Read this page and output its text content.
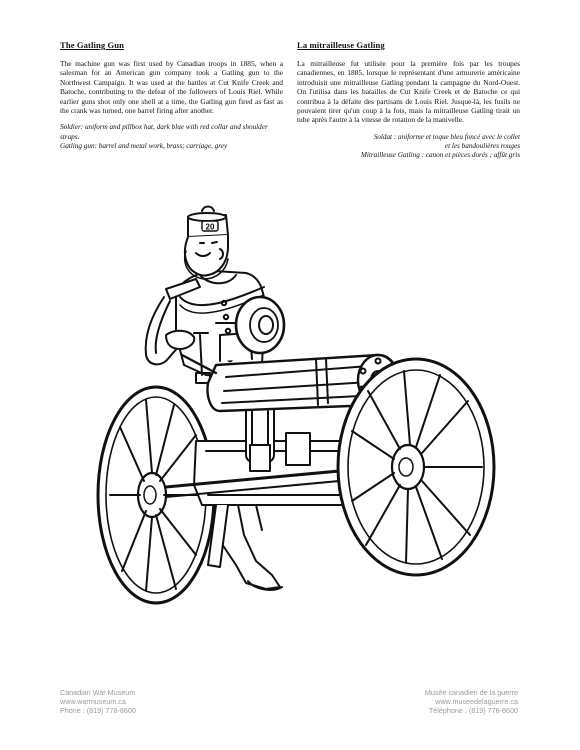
The Gatling Gun

The machine gun was first used by Canadian troops in 1885, when a salesman for an American gun company took a Gatling gun to the Northwest Campaign. It was used at the battles at Cut Knife Creek and Batoche, contributing to the defeat of the followers of Louis Riel. While earlier guns shot only one shell at a time, the Gatling gun fired as fast as the crank was turned, one barrel firing after another.

Soldier: uniform and pillbox hat, dark blue with red collar and shoulder straps.

Gatling gun: barrel and metal work, brass; carriage, grey

La mitrailleuse Gatling

La mitrailleuse fut utilisée pour la première fois par les troupes canadiennes, en 1885, lorsque le représentant d'une armurerie américaine introduisit une mitrailleuse Gatling pendant la campagne du Nord-Ouest. On l'utilisa dans les batailles de Cut Knife Creek et de Batoche ce qui contribua à la défaite des partisans de Louis Riel. Jusque-là, les fusils ne pouvaient tirer qu'un coup à la fois, mais la mitrailleuse Gatling tirait un tube après l'autre à la vitesse de rotation de la manivelle.

Soldat : uniforme et toque bleu foncé avec le collet

et les bandoulières rouges

Mitrailleuse Gatling : canon et pièces dorés ; affût gris

20
Canadian War Museum
www.warmuseum.ca
Phone : (819) 776-8600
Musée canadien de la guerre
www.museedelaguerre.ca
Téléphone : (819) 776-8600
